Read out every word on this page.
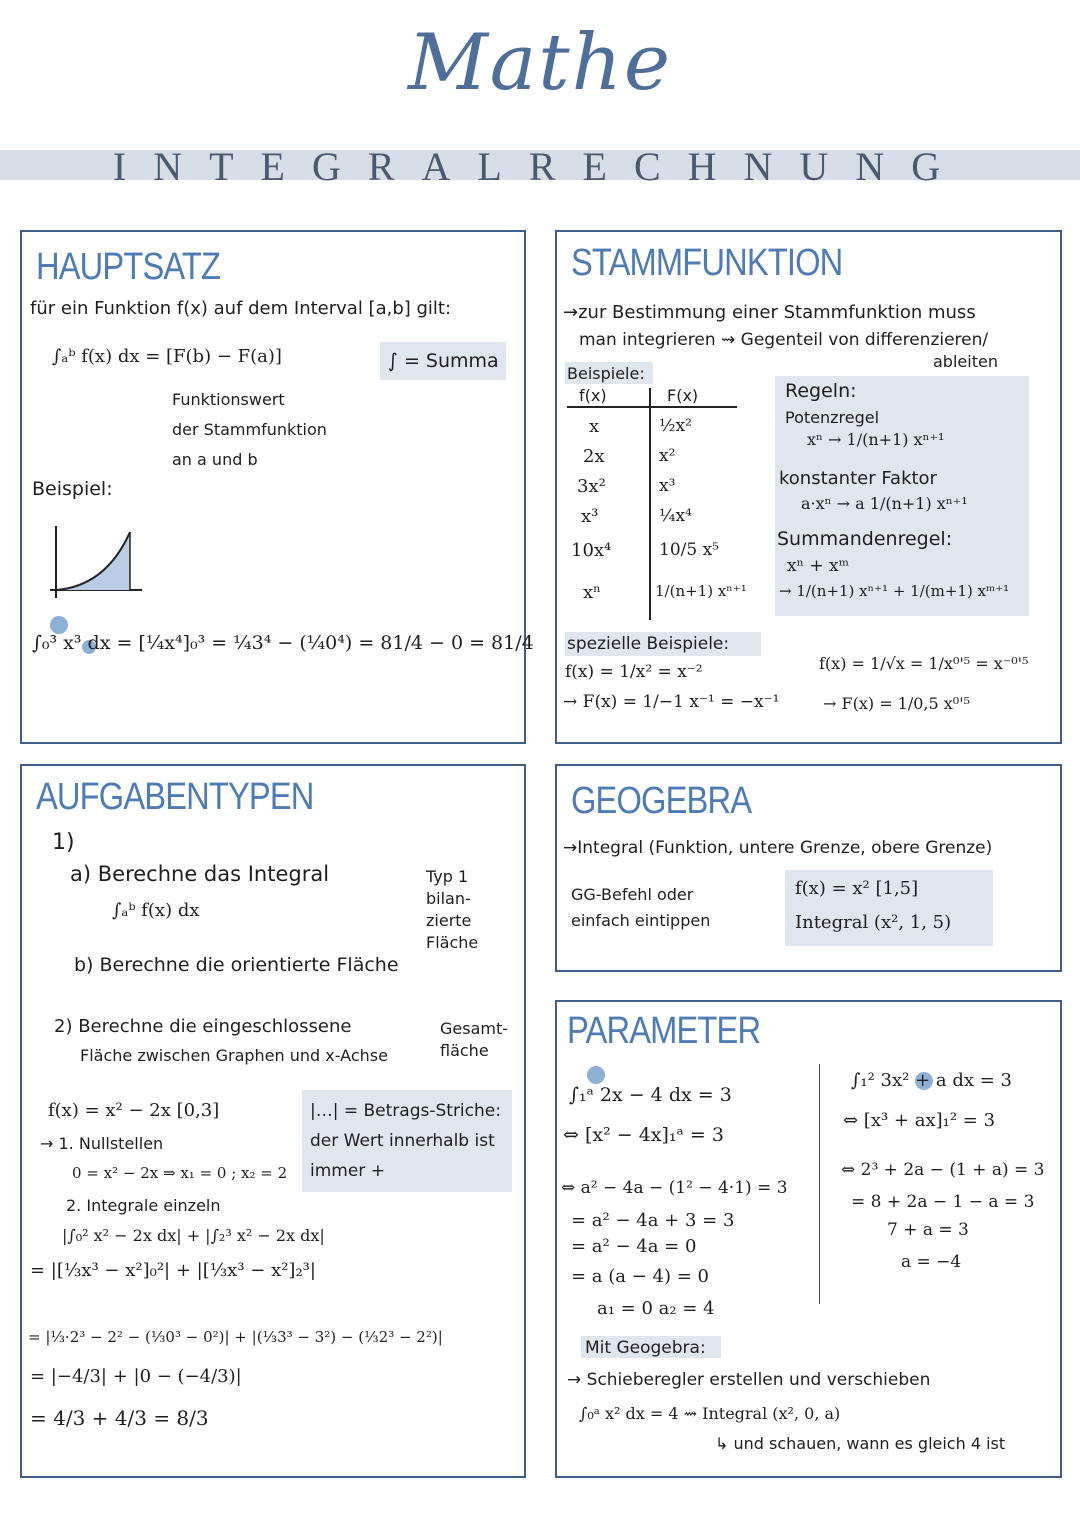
Mathe
INTEGRALRECHNUNG
HAUPTSATZ
für ein Funktion f(x) auf dem Interval [a,b] gilt:
∫ₐᵇ f(x) dx = [F(b) − F(a)]	∫ = Summa
Funktionswert
der Stammfunktion
an a und b
Beispiel:
∫₀³ x³ dx = [¼x⁴]₀³ = ¼3⁴ − (¼0⁴) = 81/4 − 0 = 81/4
STAMMFUNKTION
→zur Bestimmung einer Stammfunktion muss
man integrieren ⇝ Gegenteil von differenzieren/
ableiten
Beispiele:
f(x)	F(x)
x
2x
3x²
x³
10x⁴
xⁿ
½x²
x²
x³
¼x⁴
10/5 x⁵
1/(n+1) xⁿ⁺¹
Regeln:
Potenzregel
xⁿ → 1/(n+1) xⁿ⁺¹
konstanter Faktor
a·xⁿ → a 1/(n+1) xⁿ⁺¹
Summandenregel:
xⁿ + xᵐ
→ 1/(n+1) xⁿ⁺¹ + 1/(m+1) xᵐ⁺¹
spezielle Beispiele:
f(x) = 1/x² = x⁻²
→ F(x) = 1/−1 x⁻¹ = −x⁻¹
f(x) = 1/√x = 1/x⁰'⁵ = x⁻⁰'⁵
→ F(x) = 1/0,5 x⁰'⁵
AUFGABENTYPEN
1)
a) Berechne das Integral
∫ₐᵇ f(x) dx
b) Berechne die orientierte Fläche
Typ 1 bilan- zierte Fläche
2) Berechne die eingeschlossene
Fläche zwischen Graphen und x-Achse
Gesamt- fläche
f(x) = x² − 2x [0,3]
→ 1. Nullstellen
0 = x² − 2x ⇒ x₁ = 0 ; x₂ = 2
2. Integrale einzeln
|∫₀² x² − 2x dx| + |∫₂³ x² − 2x dx|
= |[⅓x³ − x²]₀²| + |[⅓x³ − x²]₂³|
= |⅓·2³ − 2² − (⅓0³ − 0²)| + |(⅓3³ − 3²) − (⅓2³ − 2²)|
= |−4/3| + |0 − (−4/3)|
= 4/3 + 4/3 = 8/3
|…| = Betrags-Striche: der Wert innerhalb ist immer +
GEOGEBRA
→Integral (Funktion, untere Grenze, obere Grenze)
GG-Befehl oder einfach eintippen
f(x) = x² [1,5]
Integral (x², 1, 5)
PARAMETER
∫₁ᵃ 2x − 4 dx = 3
⇔ [x² − 4x]₁ᵃ = 3
⇔ a² − 4a − (1² − 4·1) = 3
= a² − 4a + 3 = 3
= a² − 4a = 0
= a (a − 4) = 0
a₁ = 0 a₂ = 4
∫₁² 3x² + a dx = 3
⇔ [x³ + ax]₁² = 3
⇔ 2³ + 2a − (1 + a) = 3
= 8 + 2a − 1 − a = 3
7 + a = 3
a = −4
Mit Geogebra:
→ Schieberegler erstellen und verschieben
∫₀ᵃ x² dx = 4 ⇝ Integral (x², 0, a)
↳ und schauen, wann es gleich 4 ist
